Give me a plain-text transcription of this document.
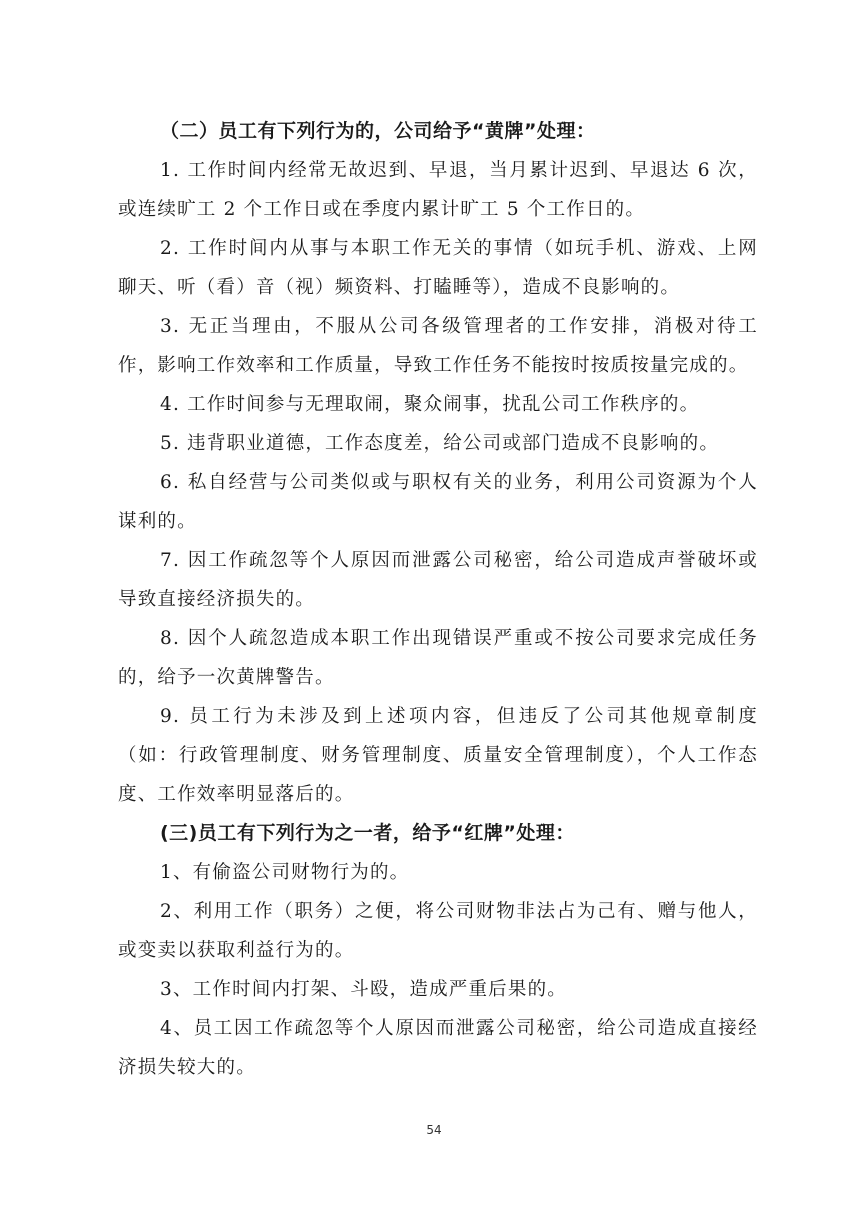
（二）员工有下列行为的，公司给予“黄牌”处理：

1. 工作时间内经常无故迟到、早退，当月累计迟到、早退达 6 次，或连续旷工 2 个工作日或在季度内累计旷工 5 个工作日的。

2. 工作时间内从事与本职工作无关的事情（如玩手机、游戏、上网聊天、听（看）音（视）频资料、打瞌睡等），造成不良影响的。

3. 无正当理由，不服从公司各级管理者的工作安排，消极对待工作，影响工作效率和工作质量，导致工作任务不能按时按质按量完成的。

4. 工作时间参与无理取闹，聚众闹事，扰乱公司工作秩序的。

5. 违背职业道德，工作态度差，给公司或部门造成不良影响的。

6. 私自经营与公司类似或与职权有关的业务，利用公司资源为个人谋利的。

7. 因工作疏忽等个人原因而泄露公司秘密，给公司造成声誉破坏或导致直接经济损失的。

8. 因个人疏忽造成本职工作出现错误严重或不按公司要求完成任务的，给予一次黄牌警告。

9. 员工行为未涉及到上述项内容，但违反了公司其他规章制度（如：行政管理制度、财务管理制度、质量安全管理制度），个人工作态度、工作效率明显落后的。

(三)员工有下列行为之一者，给予“红牌”处理：

1、有偷盗公司财物行为的。

2、利用工作（职务）之便，将公司财物非法占为己有、赠与他人，或变卖以获取利益行为的。

3、工作时间内打架、斗殴，造成严重后果的。

4、员工因工作疏忽等个人原因而泄露公司秘密，给公司造成直接经济损失较大的。

54
